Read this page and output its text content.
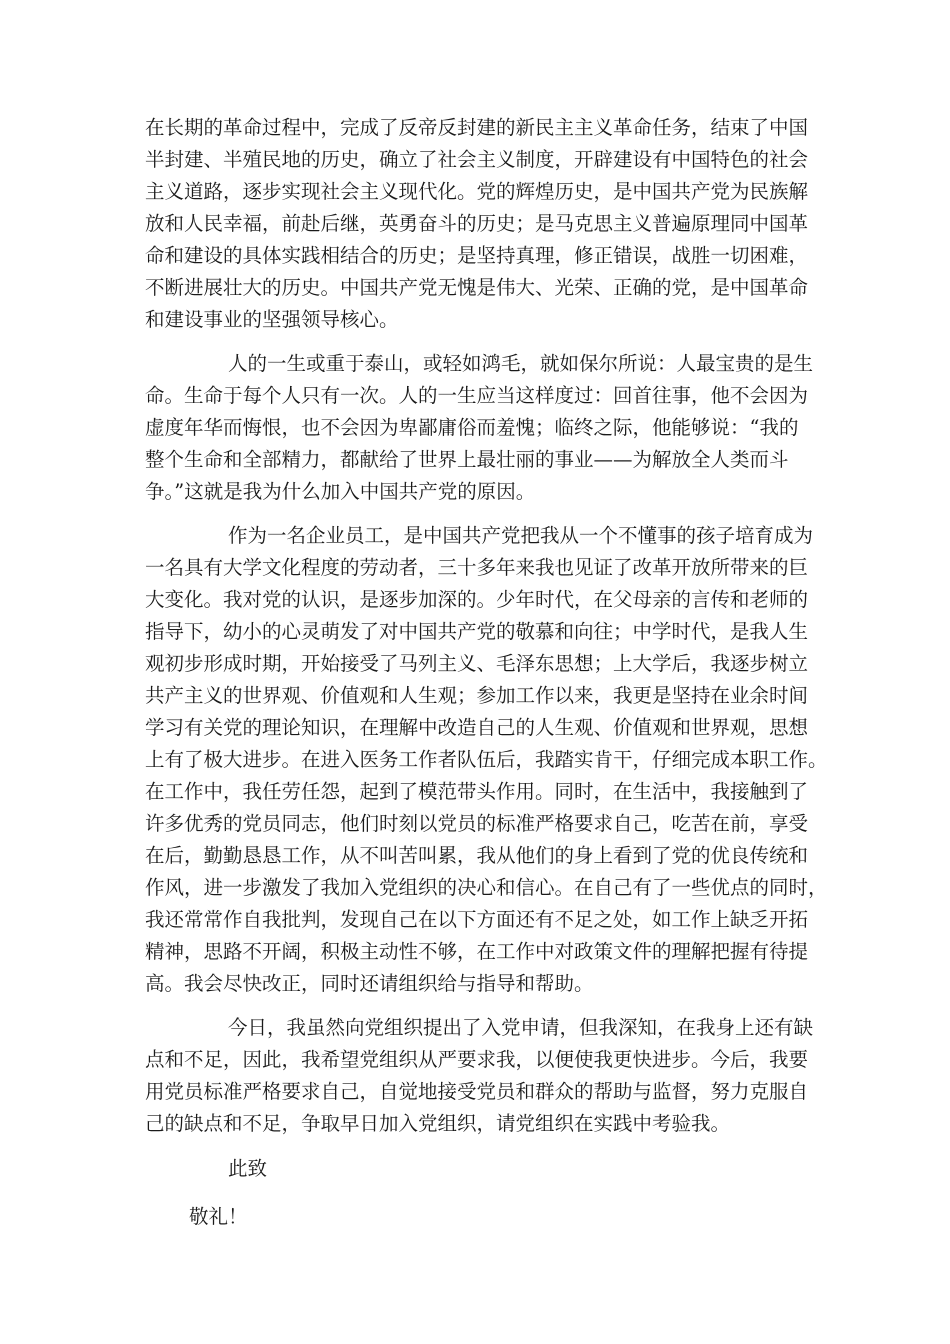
在长期的革命过程中，完成了反帝反封建的新民主主义革命任务，结束了中国

半封建、半殖民地的历史，确立了社会主义制度，开辟建设有中国特色的社会

主义道路，逐步实现社会主义现代化。党的辉煌历史，是中国共产党为民族解

放和人民幸福，前赴后继，英勇奋斗的历史；是马克思主义普遍原理同中国革

命和建设的具体实践相结合的历史；是坚持真理，修正错误，战胜一切困难，

不断进展壮大的历史。中国共产党无愧是伟大、光荣、正确的党，是中国革命

和建设事业的坚强领导核心。

人的一生或重于泰山，或轻如鸿毛，就如保尔所说：人最宝贵的是生

命。生命于每个人只有一次。人的一生应当这样度过：回首往事，他不会因为

虚度年华而悔恨，也不会因为卑鄙庸俗而羞愧；临终之际，他能够说：“我的

整个生命和全部精力，都献给了世界上最壮丽的事业——为解放全人类而斗

争。”这就是我为什么加入中国共产党的原因。

作为一名企业员工，是中国共产党把我从一个不懂事的孩子培育成为

一名具有大学文化程度的劳动者，三十多年来我也见证了改革开放所带来的巨

大变化。我对党的认识，是逐步加深的。少年时代，在父母亲的言传和老师的

指导下，幼小的心灵萌发了对中国共产党的敬慕和向往；中学时代，是我人生

观初步形成时期，开始接受了马列主义、毛泽东思想；上大学后，我逐步树立

共产主义的世界观、价值观和人生观；参加工作以来，我更是坚持在业余时间

学习有关党的理论知识，在理解中改造自己的人生观、价值观和世界观，思想

上有了极大进步。在进入医务工作者队伍后，我踏实肯干，仔细完成本职工作。

在工作中，我任劳任怨，起到了模范带头作用。同时，在生活中，我接触到了

许多优秀的党员同志，他们时刻以党员的标准严格要求自己，吃苦在前，享受

在后，勤勤恳恳工作，从不叫苦叫累，我从他们的身上看到了党的优良传统和

作风，进一步激发了我加入党组织的决心和信心。在自己有了一些优点的同时，

我还常常作自我批判，发现自己在以下方面还有不足之处，如工作上缺乏开拓

精神，思路不开阔，积极主动性不够，在工作中对政策文件的理解把握有待提

高。我会尽快改正，同时还请组织给与指导和帮助。

今日，我虽然向党组织提出了入党申请，但我深知，在我身上还有缺

点和不足，因此，我希望党组织从严要求我，以便使我更快进步。今后，我要

用党员标准严格要求自己，自觉地接受党员和群众的帮助与监督，努力克服自

己的缺点和不足，争取早日加入党组织，请党组织在实践中考验我。

此致

敬礼！
